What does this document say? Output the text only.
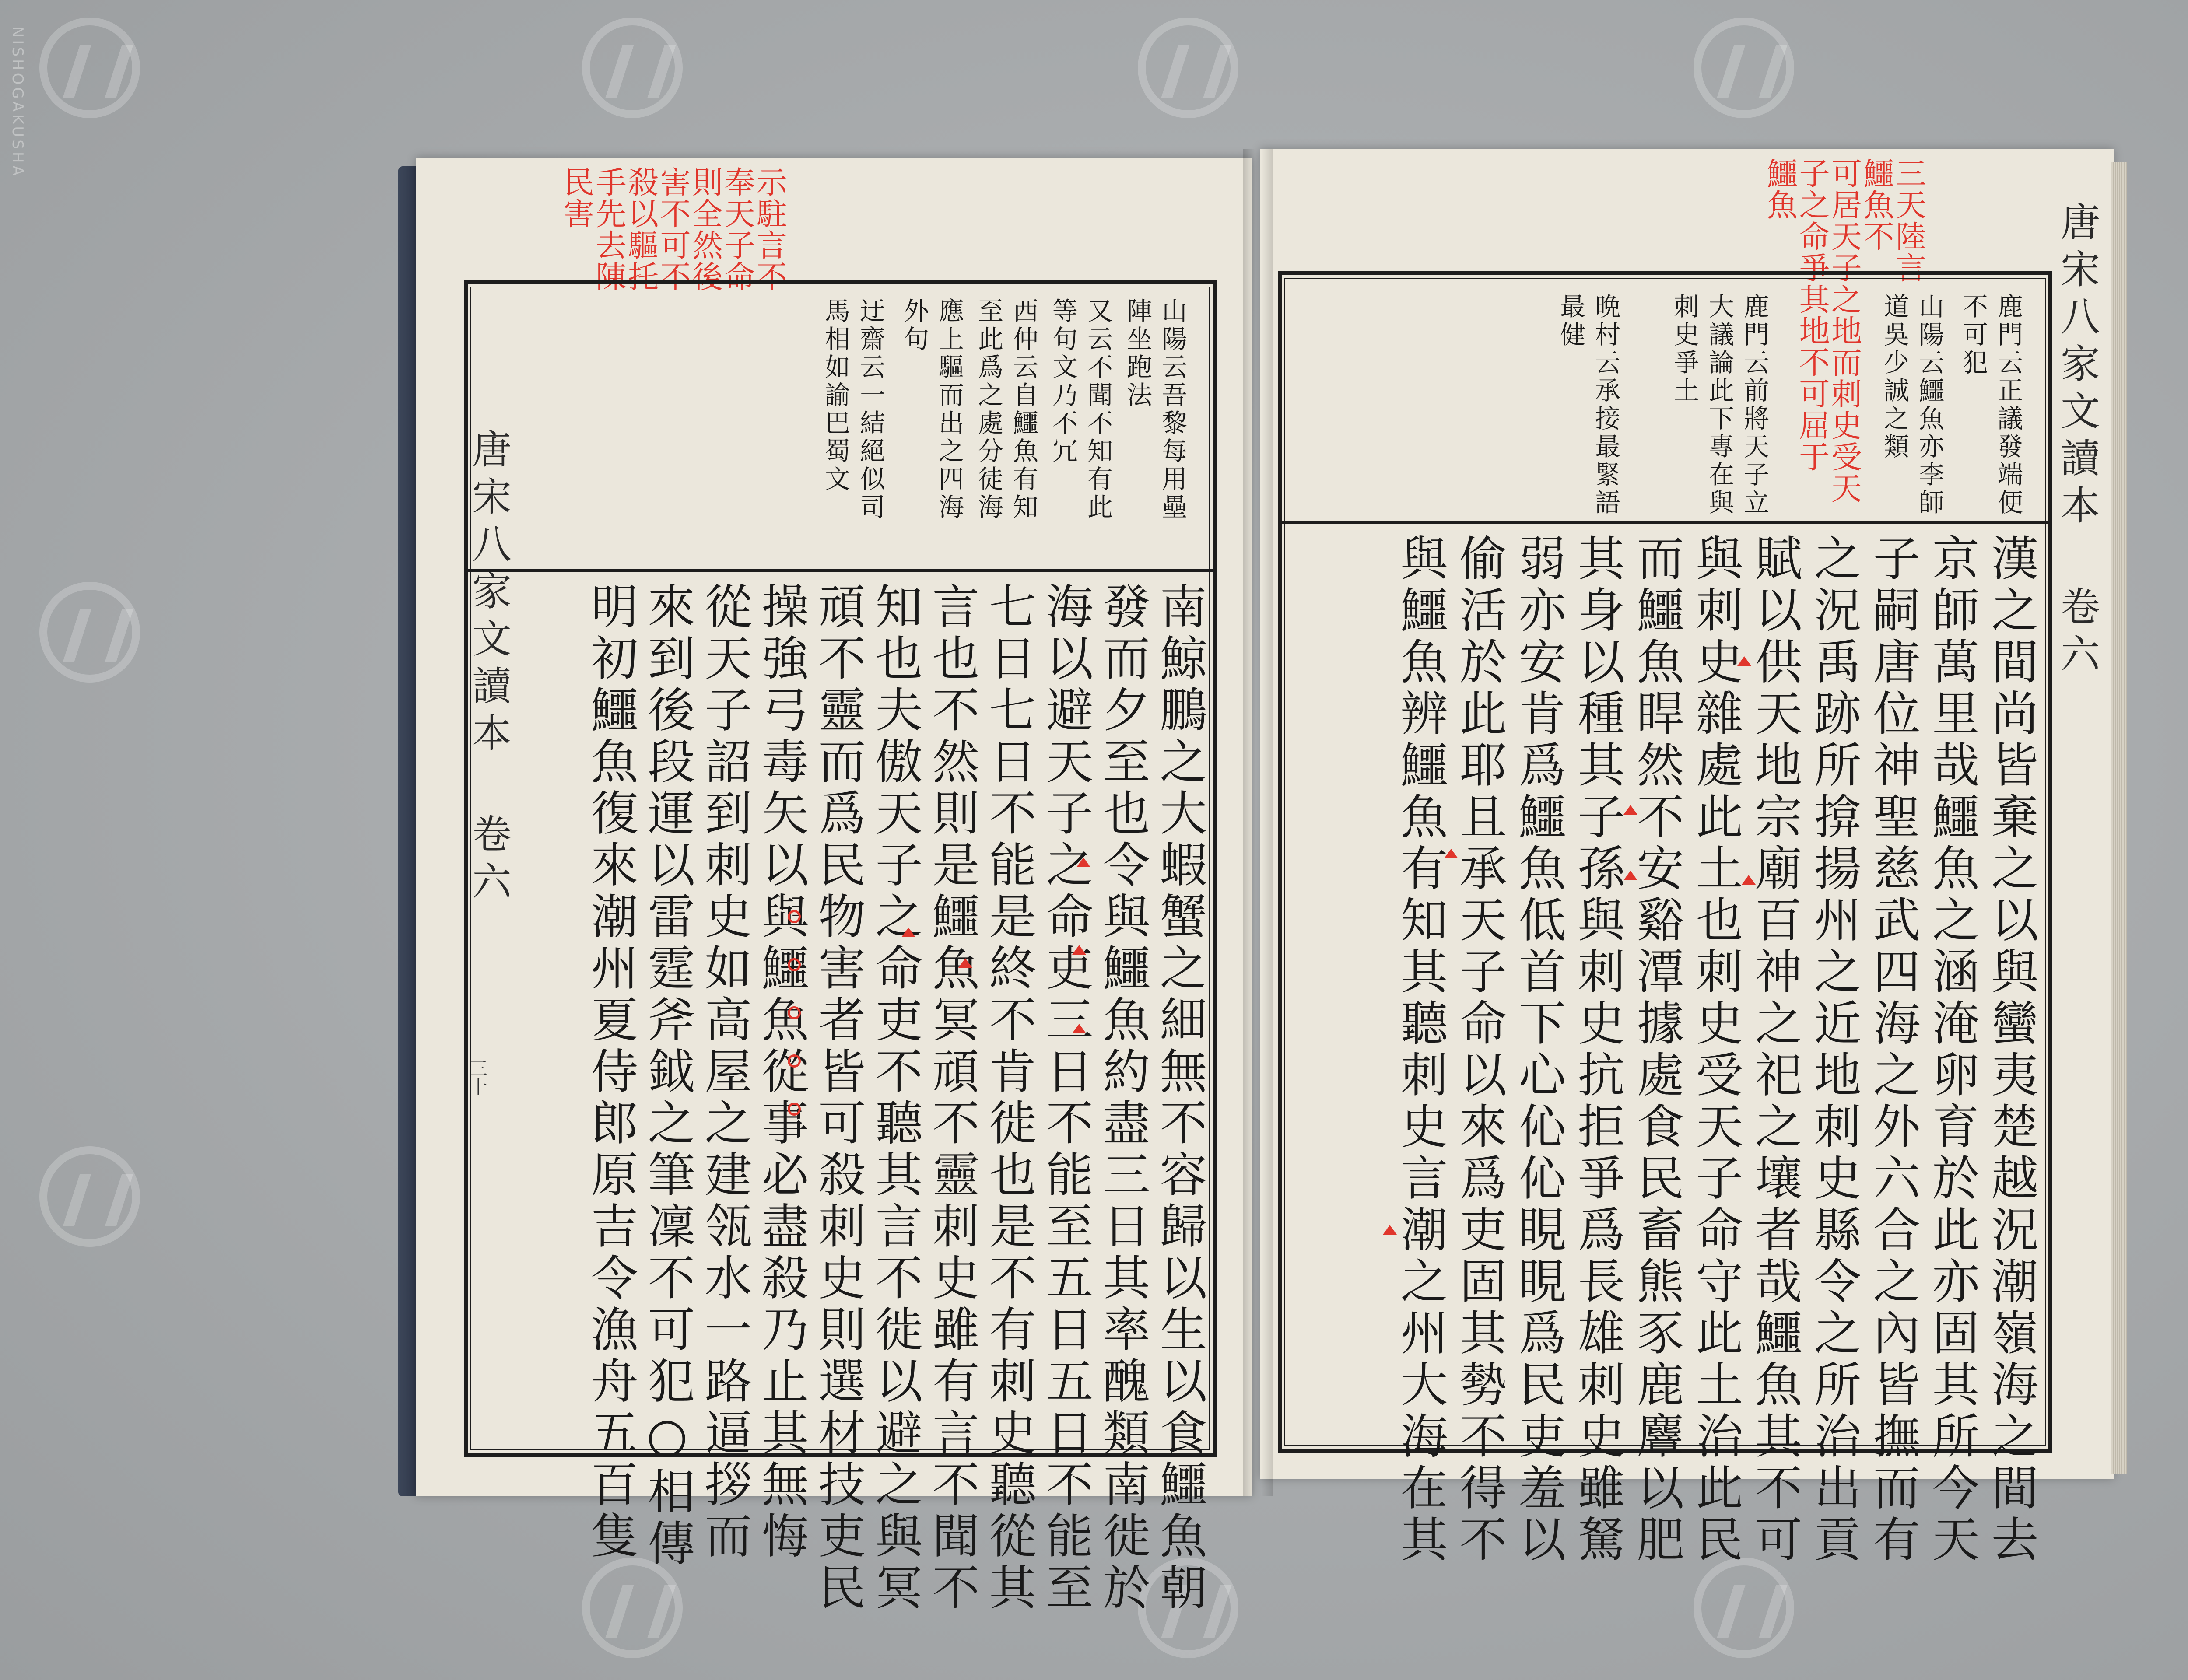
NISHOGAKUSHA
示駐言不
奉天子命
則全然後
害不可不
殺以驅托
手先去陳
民害
唐宋八家文讀本 卷六
三十
山陽云吾黎每用壘
陣坐跑法
又云不聞不知有此
等句文乃不冗
西仲云自鱷魚有知
至此爲之處分徒海
應上驅而出之四海
外句
迂齋云一結絕似司
馬相如諭巴蜀文
南鯨鵬之大蝦蟹之細無不容歸以生以食鱷魚朝
發而夕至也令與鱷魚約盡三日其率醜類南徙於
海以避天子之命吏三日不能至五日五日不能至
七日七日不能是終不肯徙也是不有刺史聽從其
言也不然則是鱷魚冥頑不靈刺史雖有言不聞不
知也夫傲天子之命吏不聽其言不徙以避之與冥
頑不靈而爲民物害者皆可殺刺史則選材技吏民
操強弓毒矢以與鱷魚從事必盡殺乃止其無悔
從天子詔到刺史如高屋之建瓴水一路逼拶而
來到後段運以雷霆斧鉞之筆凜不可犯○相傳
明初鱷魚復來潮州夏侍郎原吉令漁舟五百隻
三天陸言
鱷魚不
可居天子之地而刺史受天
子之命爭其地不可屈于
鱷魚
唐宋八家文讀本 卷六
鹿門云正議發端便
不可犯
山陽云鱷魚亦李師
道吳少誠之類
鹿門云前將天子立
大議論此下專在與
刺史爭土
晩村云承接最緊語
最健
漢之間尚皆棄之以與蠻夷楚越況潮嶺海之間去
京師萬里哉鱷魚之涵淹卵育於此亦固其所今天
子嗣唐位神聖慈武四海之外六合之內皆撫而有
之況禹跡所揜揚州之近地刺史縣令之所治出貢
賦以供天地宗廟百神之祀之壤者哉鱷魚其不可
與刺史雜處此土也刺史受天子命守此土治此民
而鱷魚睅然不安谿潭據處食民畜熊豕鹿麞以肥
其身以種其子孫與刺史抗拒爭爲長雄刺史雖駑
弱亦安肯爲鱷魚低首下心伈伈睍睍爲民吏羞以
偷活於此耶且承天子命以來爲吏固其勢不得不
與鱷魚辨鱷魚有知其聽刺史言潮之州大海在其
